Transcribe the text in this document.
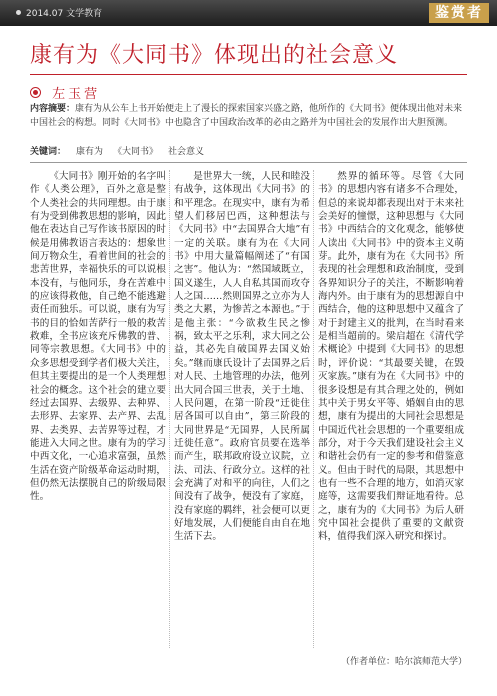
2014.07 文学教育	鉴赏者
康有为《大同书》体现出的社会意义
左玉营
内容摘要：康有为从公车上书开始便走上了漫长的探索国家兴盛之路，他所作的《大同书》便体现出他对未来中国社会的构想。同时《大同书》中也隐含了中国政治改革的必由之路并为中国社会的发展作出大胆预测。
关键词： 康有为 《大同书》 社会意义

《大同书》刚开始的名字叫作《人类公理》，百外之意是整个人类社会的共同理想。由于康有为受到佛教思想的影响，因此他在表达自己写作该书原因的时候是用佛教语言表达的：想象世间万物众生，看着世间的社会的悲苦世界，幸福快乐的可以说根本没有，与他同乐，身在苦难中的应该得救他，自己绝不能逃避责任而独乐。可以说，康有为写书的目的恰如苦萨行一般的救苦救难，全书应该充斥佛教的普、同等宗教思想。《大同书》中的众多思想受到学者们极大关注，但其主要提出的是一个人类理想社会的概念。这个社会的建立要经过去国界、去级界、去种界、去形界、去家界、去产界、去乱界、去类界、去苦界等过程，才能进入大同之世。康有为的学习中西文化，一心追求富强，虽然生活在资产阶级革命运动时期，但仍然无法摆脱自己的阶级局限性。

是世界大一统，人民和睦没有战争，这体现出《大同书》的和平理念。在现实中，康有为希望人们移居巴西，这种想法与《大同书》中“去国界合大地”有一定的关联。康有为在《大同书》中用大量篇幅阐述了“有国之害”。他认为：“然国域既立，国义遂生，人人自私其国而攻夺人之国……然则国界之立亦为人类之大累，为惨苦之本源也。”于是他主张：“今欲救生民之惨祸，致太平之乐利，求大同之公益，其必先自破国界去国义始矣。”继而康氏设计了去国界之后对人民、土地管理的办法，他列出大同合国三世表，关于土地、人民问题，在第一阶段“迁徙住居各国可以自由”，第三阶段的大同世界是“无国界，人民所属迁徙任意”。政府官员要在选举而产生，联邦政府设立议院，立法、司法、行政分立。这样的社会充满了对和平的向往，人们之间没有了战争，便没有了家庭，没有家庭的羁绊，社会便可以更好地发展，人们便能自由自在地生活下去。

然界的循环等。尽管《大同书》的思想内容有诸多不合理处，但总的来说却都表现出对于未来社会美好的憧憬，这种思想与《大同书》中西结合的文化观念，能够使人读出《大同书》中的资本主义萌芽。此外，康有为在《大同书》所表现的社会理想和政治制度，受到各界知识分子的关注，不断影响着海内外。由于康有为的思想源自中西结合，他的这种思想中又蕴含了对于封建主义的批判，在当时看来是相当超前的。梁启超在《清代学术概论》中提到《大同书》的思想时，评价说：“其最要关键，在毁灭家族。”康有为在《大同书》中的很多设想是有其合理之处的，例如其中关于男女平等、婚姻自由的思想，康有为提出的大同社会思想是中国近代社会思想的一个重要组成部分，对于今天我们建设社会主义和谐社会仍有一定的参考和借鉴意义。但由于时代的局限，其思想中也有一些不合理的地方，如消灭家庭等，这需要我们辩证地看待。总之，康有为的《大同书》为后人研究中国社会提供了重要的文献资料，值得我们深入研究和探讨。

（作者单位：哈尔滨师范大学）
